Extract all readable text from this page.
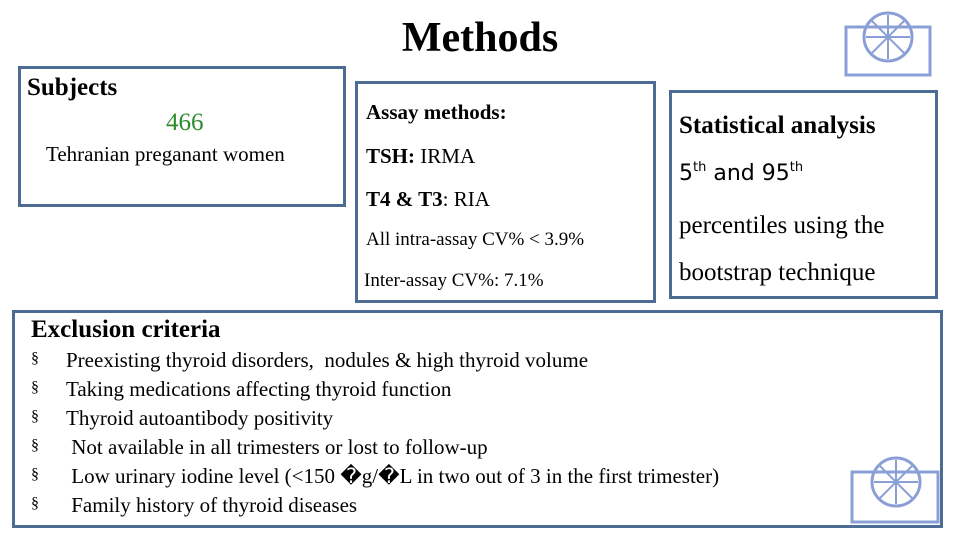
Methods
Subjects
466
Tehranian preganant women
Assay methods:
TSH: IRMA
T4 & T3: RIA
All intra-assay CV% < 3.9%
Inter-assay CV%: 7.1%
Statistical analysis
5th and 95th
percentiles using the
bootstrap technique
Exclusion criteria
§ Preexisting thyroid disorders,  nodules & high thyroid volume
§ Taking medications affecting thyroid function
§ Thyroid autoantibody positivity
§ Not available in all trimesters or lost to follow-up
§ Low urinary iodine level (<150 �g/�L in two out of 3 in the first trimester)
§ Family history of thyroid diseases
